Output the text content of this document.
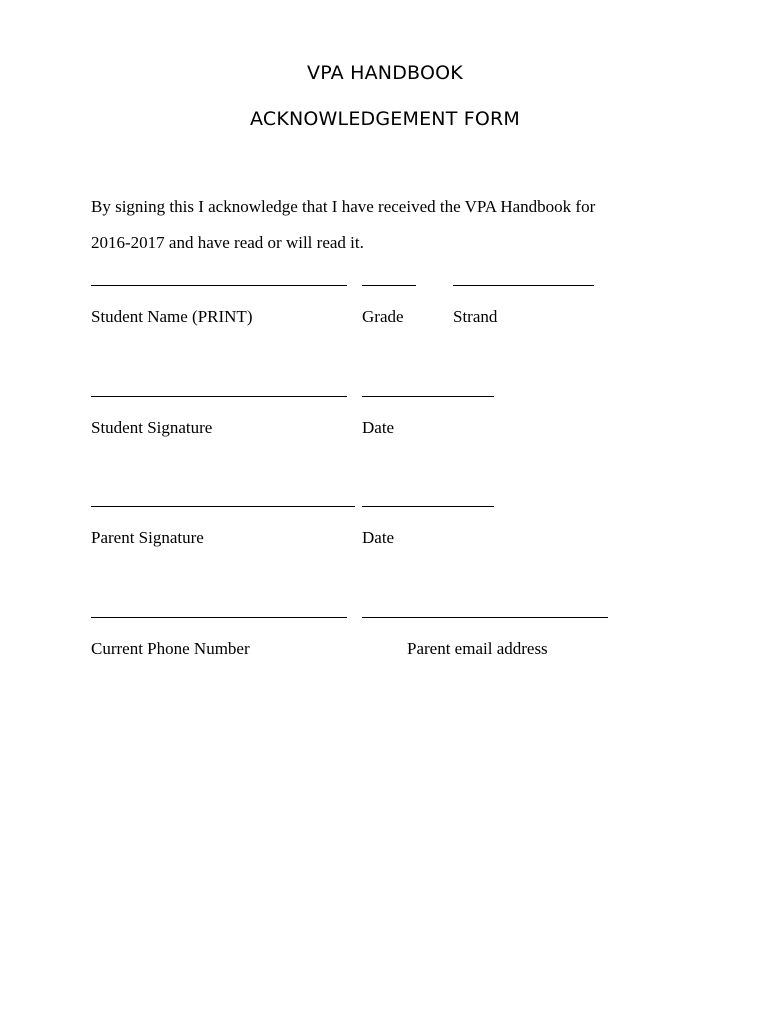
VPA HANDBOOK
ACKNOWLEDGEMENT FORM
By signing this I acknowledge that I have received the VPA Handbook for
2016-2017 and have read or will read it.
Student Name (PRINT)	Grade	Strand
Student Signature	Date
Parent Signature	Date
Current Phone Number	Parent email address
